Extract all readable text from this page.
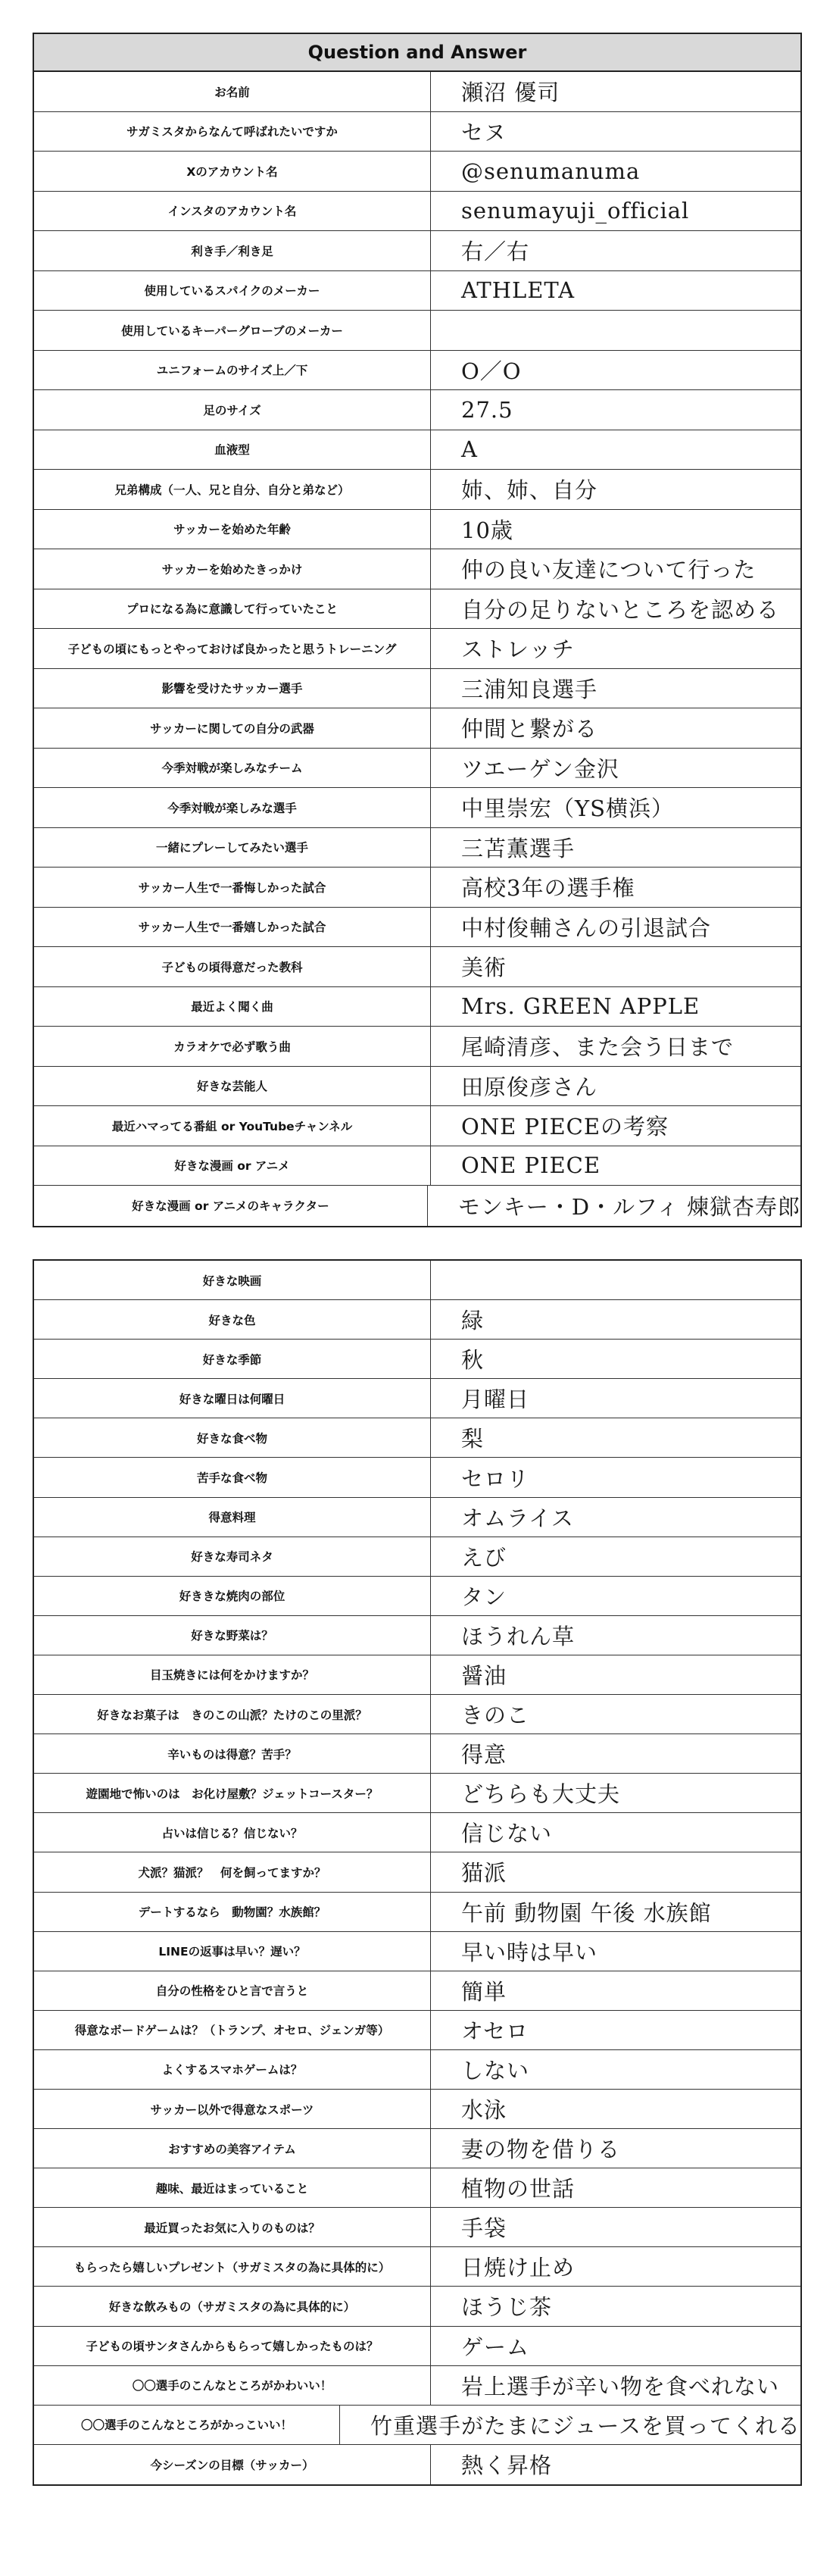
Question and Answer
お名前	瀬沼 優司
サガミスタからなんて呼ばれたいですか	セヌ
Xのアカウント名	@senumanuma
インスタのアカウント名	senumayuji_official
利き手／利き足	右／右
使用しているスパイクのメーカー	ATHLETA
使用しているキーパーグローブのメーカー
ユニフォームのサイズ上／下	O／O
足のサイズ	27.5
血液型	A
兄弟構成（一人、兄と自分、自分と弟など）	姉、姉、自分
サッカーを始めた年齢	10歳
サッカーを始めたきっかけ	仲の良い友達について行った
プロになる為に意識して行っていたこと	自分の足りないところを認める
子どもの頃にもっとやっておけば良かったと思うトレーニング	ストレッチ
影響を受けたサッカー選手	三浦知良選手
サッカーに関しての自分の武器	仲間と繋がる
今季対戦が楽しみなチーム	ツエーゲン金沢
今季対戦が楽しみな選手	中里崇宏（YS横浜）
一緒にプレーしてみたい選手	三苫薫選手
サッカー人生で一番悔しかった試合	高校3年の選手権
サッカー人生で一番嬉しかった試合	中村俊輔さんの引退試合
子どもの頃得意だった教科	美術
最近よく聞く曲	Mrs. GREEN APPLE
カラオケで必ず歌う曲	尾崎清彦、また会う日まで
好きな芸能人	田原俊彦さん
最近ハマってる番組 or YouTubeチャンネル	ONE PIECEの考察
好きな漫画 or アニメ	ONE PIECE
好きな漫画 or アニメのキャラクター	モンキー・D・ルフィ 煉獄杏寿郎
好きな映画
好きな色	緑
好きな季節	秋
好きな曜日は何曜日	月曜日
好きな食べ物	梨
苦手な食べ物	セロリ
得意料理	オムライス
好きな寿司ネタ	えび
好ききな焼肉の部位	タン
好きな野菜は？	ほうれん草
目玉焼きには何をかけますか？	醤油
好きなお菓子は　きのこの山派？たけのこの里派？	きのこ
辛いものは得意？苦手？	得意
遊園地で怖いのは　お化け屋敷？ジェットコースター？	どちらも大丈夫
占いは信じる？信じない？	信じない
犬派？猫派？　何を飼ってますか？	猫派
デートするなら　動物園？水族館？	午前 動物園 午後 水族館
LINEの返事は早い？遅い？	早い時は早い
自分の性格をひと言で言うと	簡単
得意なボードゲームは？（トランプ、オセロ、ジェンガ等）	オセロ
よくするスマホゲームは？	しない
サッカー以外で得意なスポーツ	水泳
おすすめの美容アイテム	妻の物を借りる
趣味、最近はまっていること	植物の世話
最近買ったお気に入りのものは？	手袋
もらったら嬉しいプレゼント（サガミスタの為に具体的に）	日焼け止め
好きな飲みもの（サガミスタの為に具体的に）	ほうじ茶
子どもの頃サンタさんからもらって嬉しかったものは？	ゲーム
〇〇選手のこんなところがかわいい！	岩上選手が辛い物を食べれない
〇〇選手のこんなところがかっこいい！	竹重選手がたまにジュースを買ってくれる
今シーズンの目標（サッカー）	熱く昇格
